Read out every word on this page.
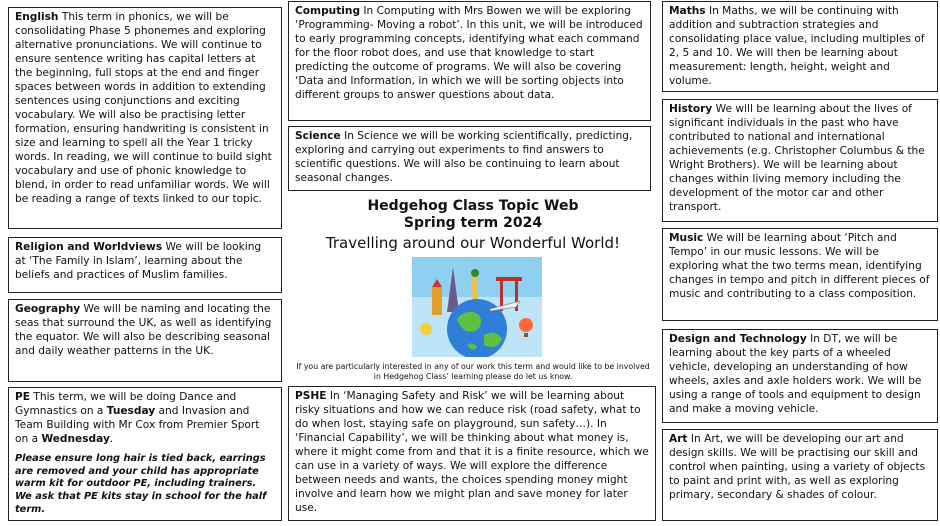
English This term in phonics, we will be consolidating Phase 5 phonemes and exploring alternative pronunciations. We will continue to ensure sentence writing has capital letters at the beginning, full stops at the end and finger spaces between words in addition to extending sentences using conjunctions and exciting vocabulary. We will also be practising letter formation, ensuring handwriting is consistent in size and learning to spell all the Year 1 tricky words. In reading, we will continue to build sight vocabulary and use of phonic knowledge to blend, in order to read unfamiliar words. We will be reading a range of texts linked to our topic.
Religion and Worldviews We will be looking at ‘The Family in Islam’, learning about the beliefs and practices of Muslim families.
Geography We will be naming and locating the seas that surround the UK, as well as identifying the equator. We will also be describing seasonal and daily weather patterns in the UK.
PE This term, we will be doing Dance and Gymnastics on a Tuesday and Invasion and Team Building with Mr Cox from Premier Sport on a Wednesday.
Please ensure long hair is tied back, earrings are removed and your child has appropriate warm kit for outdoor PE, including trainers. We ask that PE kits stay in school for the half term.
Computing In Computing with Mrs Bowen we will be exploring ‘Programming- Moving a robot’. In this unit, we will be introduced to early programming concepts, identifying what each command for the floor robot does, and use that knowledge to start predicting the outcome of programs. We will also be covering ‘Data and Information, in which we will be sorting objects into different groups to answer questions about data.
Science In Science we will be working scientifically, predicting, exploring and carrying out experiments to find answers to scientific questions. We will also be continuing to learn about seasonal changes.
Hedgehog Class Topic Web
Spring term 2024
Travelling around our Wonderful World!
If you are particularly interested in any of our work this term and would like to be involved in Hedgehog Class’ learning please do let us know.
PSHE In ‘Managing Safety and Risk’ we will be learning about risky situations and how we can reduce risk (road safety, what to do when lost, staying safe on playground, sun safety…). In ‘Financial Capability’, we will be thinking about what money is, where it might come from and that it is a finite resource, which we can use in a variety of ways. We will explore the difference between needs and wants, the choices spending money might involve and learn how we might plan and save money for later use.
Maths In Maths, we will be continuing with addition and subtraction strategies and consolidating place value, including multiples of 2, 5 and 10. We will then be learning about measurement: length, height, weight and volume.
History We will be learning about the lives of significant individuals in the past who have contributed to national and international achievements (e.g. Christopher Columbus & the Wright Brothers). We will be learning about changes within living memory including the development of the motor car and other transport.
Music We will be learning about ‘Pitch and Tempo’ in our music lessons. We will be exploring what the two terms mean, identifying changes in tempo and pitch in different pieces of music and contributing to a class composition.
Design and Technology In DT, we will be learning about the key parts of a wheeled vehicle, developing an understanding of how wheels, axles and axle holders work. We will be using a range of tools and equipment to design and make a moving vehicle.
Art In Art, we will be developing our art and design skills. We will be practising our skill and control when painting, using a variety of objects to paint and print with, as well as exploring primary, secondary & shades of colour.
